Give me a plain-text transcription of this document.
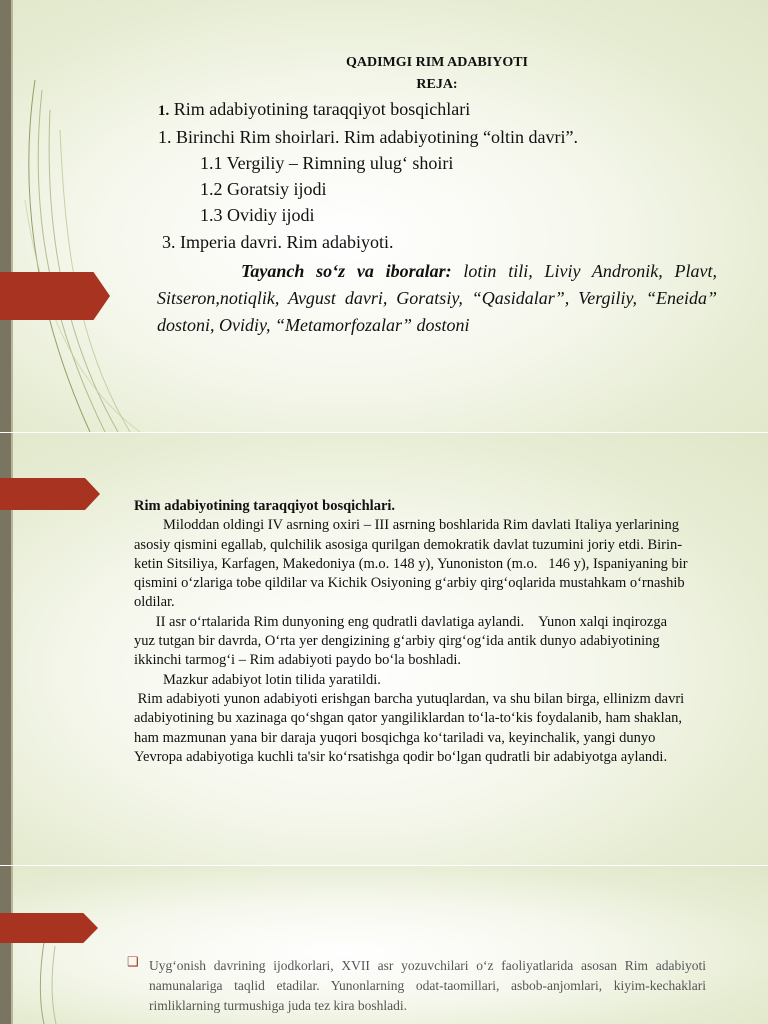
QADIMGI RIM ADABIYOTI
REJA:
1. Rim adabiyotining taraqqiyot bosqichlari
1. Birinchi Rim shoirlari. Rim adabiyotining “oltin davri”.
1.1 Vergiliy – Rimning ulug‘ shoiri
1.2 Goratsiy ijodi
1.3 Ovidiy ijodi
3. Imperia davri. Rim adabiyoti.
Tayanch so‘z va iboralar: lotin tili, Liviy Andronik, Plavt, Sitseron,notiqlik, Avgust davri, Goratsiy, “Qasidalar”, Vergiliy, “Eneida” dostoni, Ovidiy, “Metamorfozalar” dostoni

Rim adabiyotining taraqqiyot bosqichlari.

Miloddan oldingi IV asrning oxiri – III asrning boshlarida Rim davlati Italiya yerlarining asosiy qismini egallab, qulchilik asosiga qurilgan demokratik davlat tuzumini joriy etdi. Birin-ketin Sitsiliya, Karfagen, Makedoniya (m.o. 148 y), Yunoniston (m.o.   146 y), Ispaniyaning bir qismini o‘zlariga tobe qildilar va Kichik Osiyoning g‘arbiy qirg‘oqlarida mustahkam o‘rnashib oldilar.

II asr o‘rtalarida Rim dunyoning eng qudratli davlatiga aylandi.    Yunon xalqi inqirozga yuz tutgan bir davrda, O‘rta yer dengizining g‘arbiy qirg‘og‘ida antik dunyo adabiyotining ikkinchi tarmog‘i – Rim adabiyoti paydo bo‘la boshladi.

Mazkur adabiyot lotin tilida yaratildi.

Rim adabiyoti yunon adabiyoti erishgan barcha yutuqlardan, va shu bilan birga, ellinizm davri adabiyotining bu xazinaga qo‘shgan qator yangiliklardan to‘la-to‘kis foydalanib, ham shaklan, ham mazmunan yana bir daraja yuqori bosqichga ko‘tariladi va, keyinchalik, yangi dunyo Yevropa adabiyotiga kuchli ta'sir ko‘rsatishga qodir bo‘lgan qudratli bir adabiyotga aylandi.

❑ Uyg‘onish davrining ijodkorlari, XVII asr yozuvchilari o‘z faoliyatlarida asosan Rim adabiyoti namunalariga taqlid etadilar. Yunonlarning odat-taomillari, asbob-anjomlari, kiyim-kechaklari rimliklarning turmushiga juda tez kira boshladi.
